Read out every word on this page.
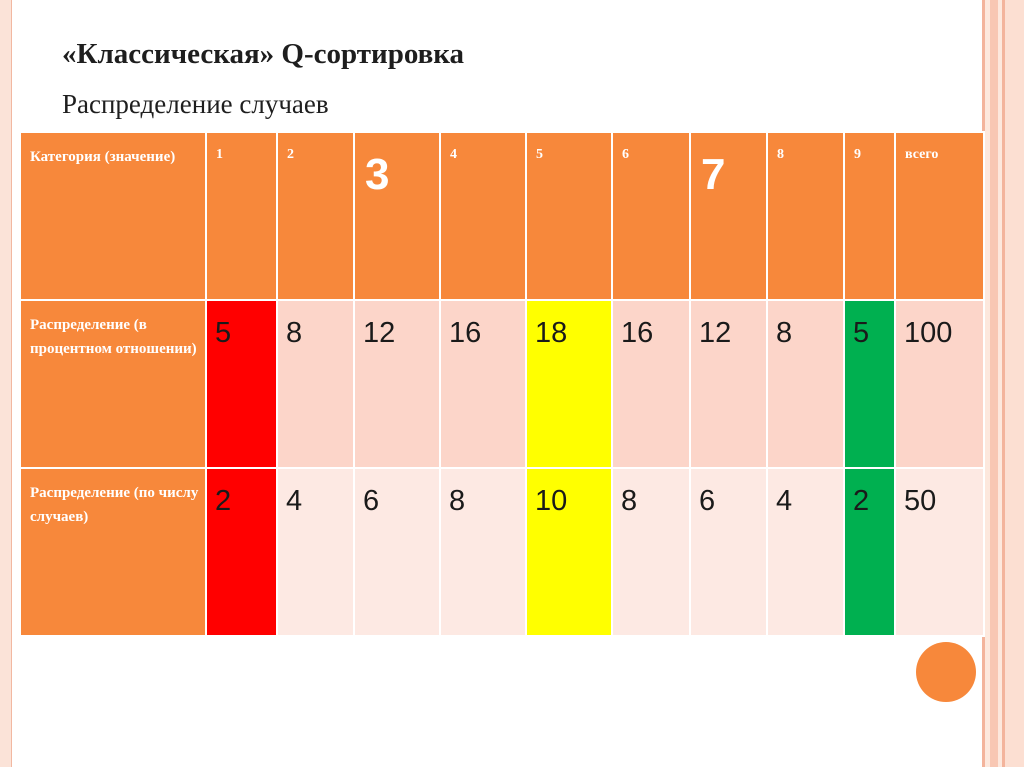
«Классическая» Q-сортировка
Распределение случаев
Категория (значение)	1	2	3	4	5	6	7	8	9	всего

Распределение (в процентном отношении)	5	8	12	16	18	16	12	8	5	100

Распределение (по числу случаев)	2	4	6	8	10	8	6	4	2	50
